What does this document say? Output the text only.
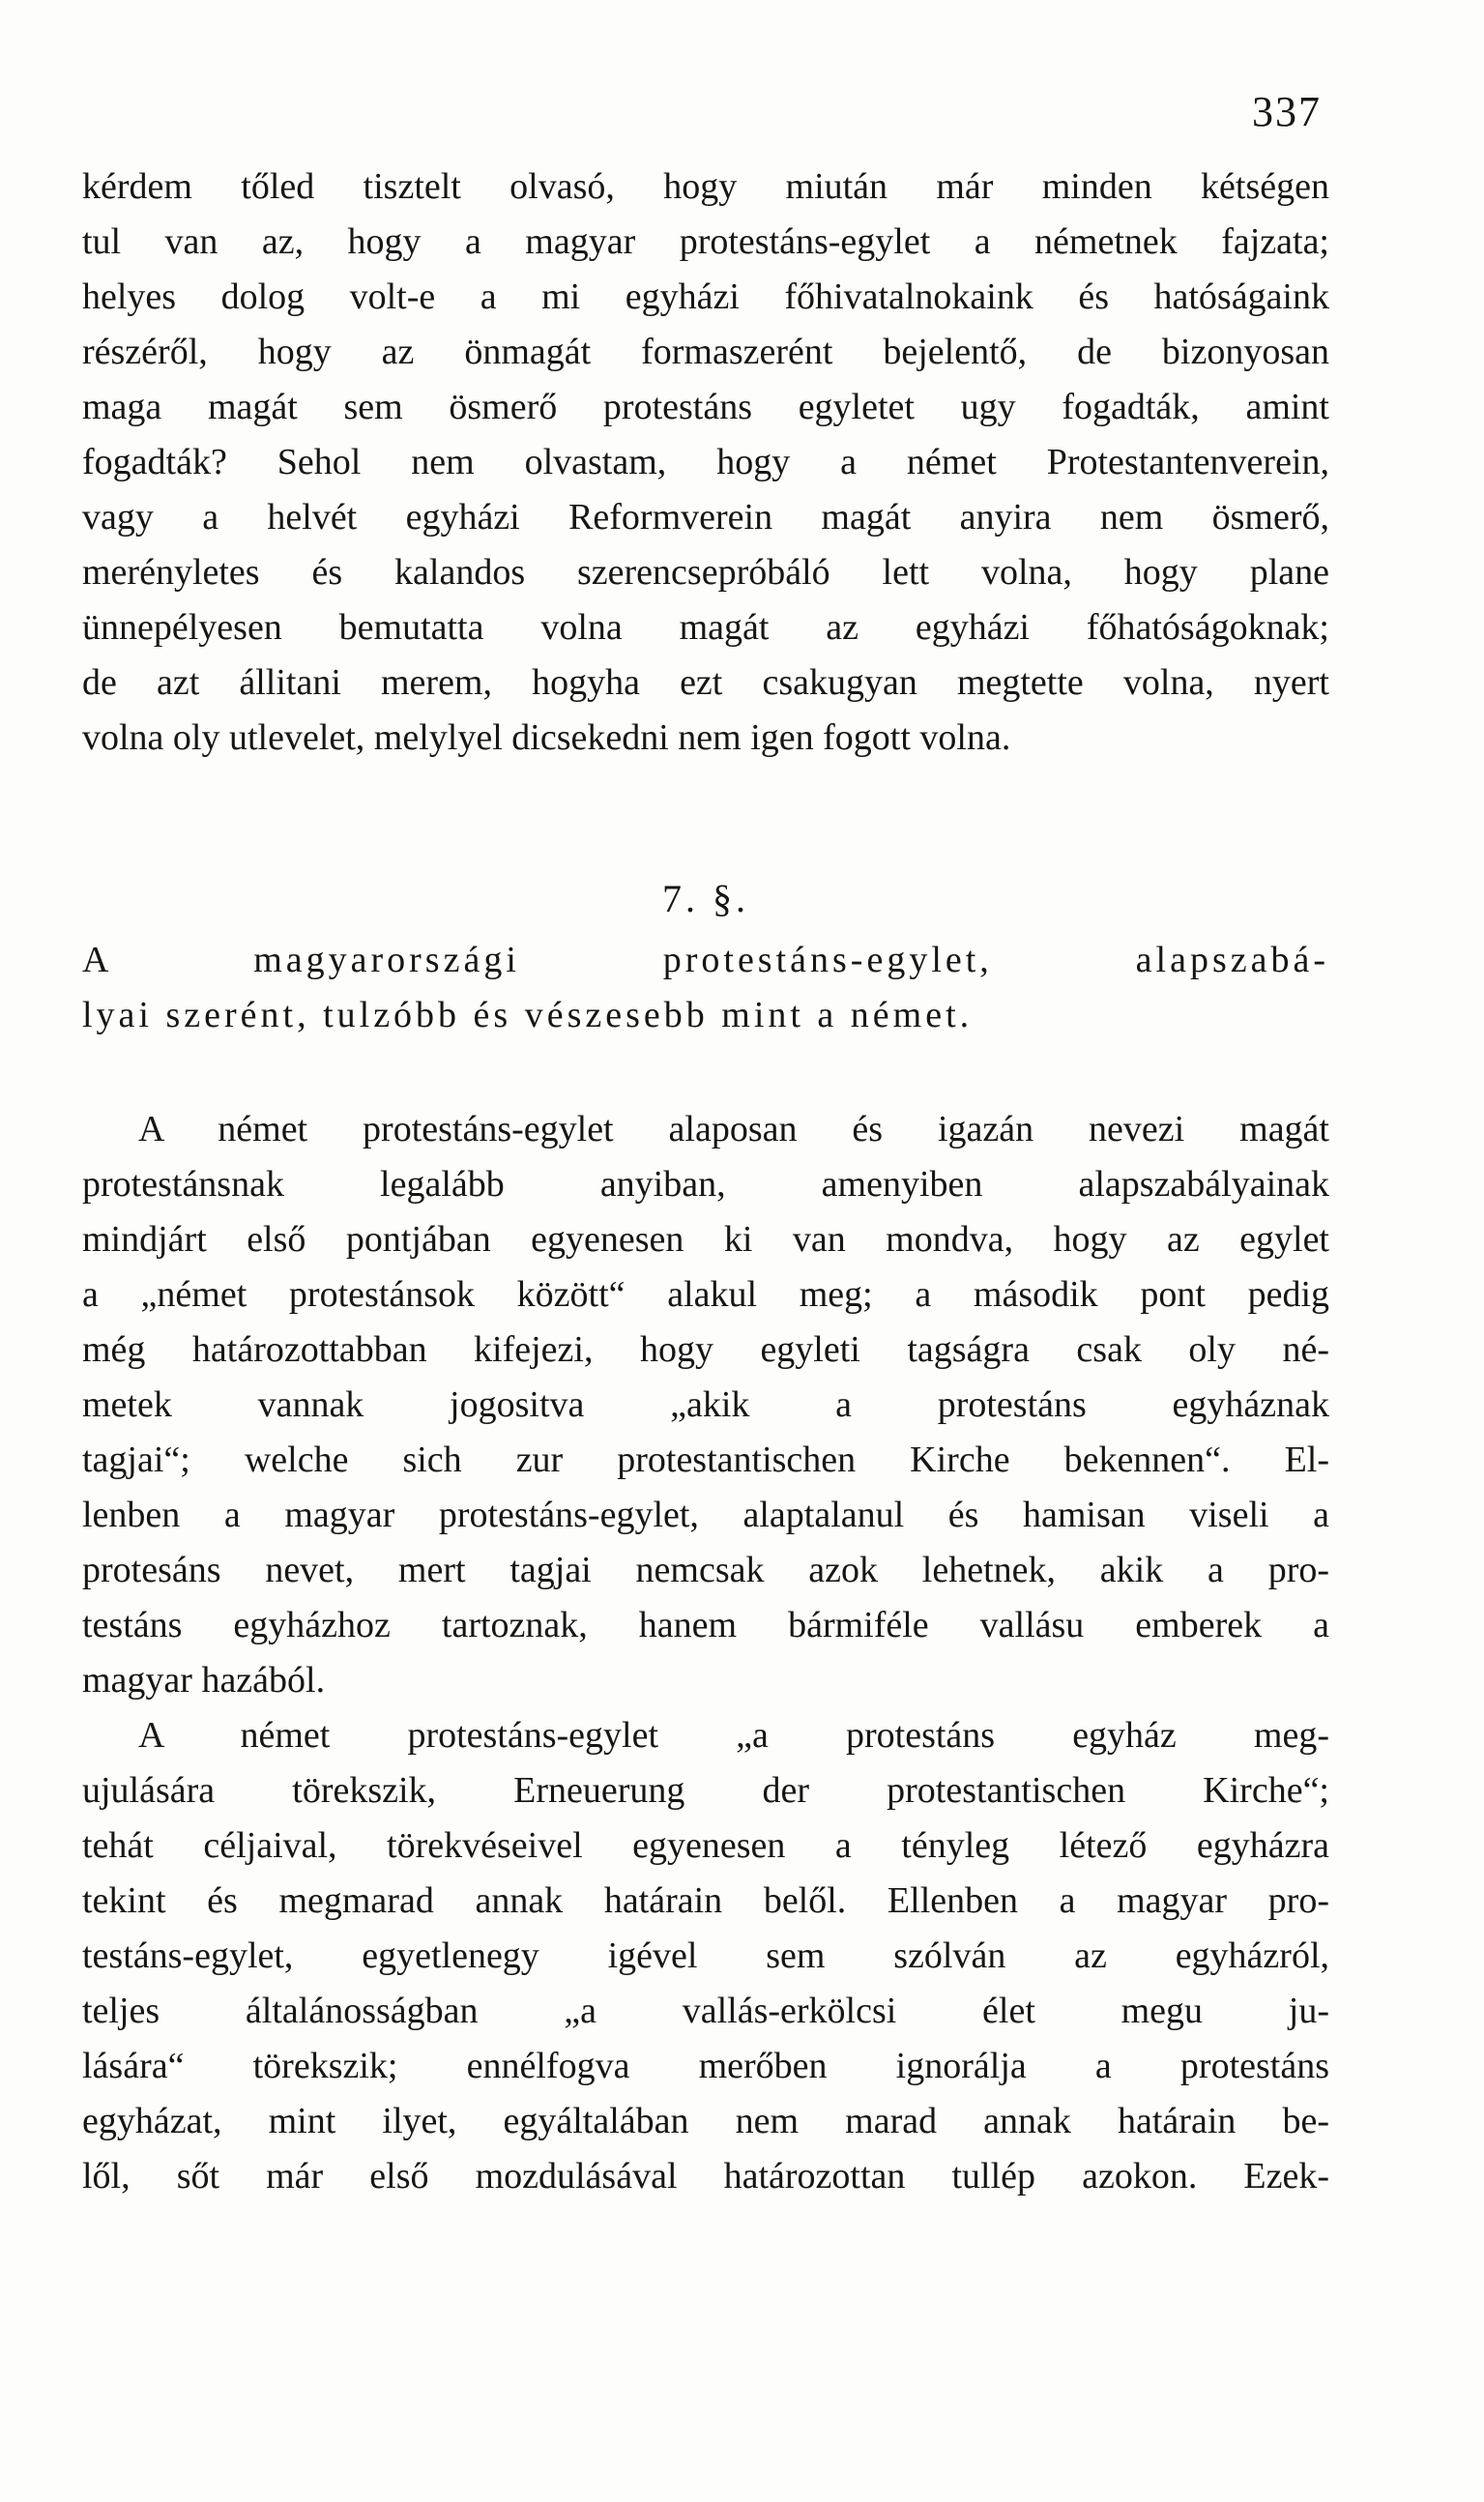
337
kérdem tőled tisztelt olvasó, hogy miután már minden kétségen
tul van az, hogy a magyar protestáns-egylet a németnek fajzata;
helyes dolog volt-e a mi egyházi főhivatalnokaink és hatóságaink
részéről, hogy az önmagát formaszerént bejelentő, de bizonyosan
maga magát sem ösmerő protestáns egyletet ugy fogadták, amint
fogadták? Sehol nem olvastam, hogy a német Protestantenverein,
vagy a helvét egyházi Reformverein magát anyira nem ösmerő,
merényletes és kalandos szerencsepróbáló lett volna, hogy plane
ünnepélyesen bemutatta volna magát az egyházi főhatóságoknak;
de azt állitani merem, hogyha ezt csakugyan megtette volna, nyert
volna oly utlevelet, melylyel dicsekedni nem igen fogott volna.
7. §.
A magyarországi protestáns-egylet, alapszabá-
lyai szerént, tulzóbb és vészesebb mint a német.
A német protestáns-egylet alaposan és igazán nevezi magát
protestánsnak legalább anyiban, amenyiben alapszabályainak
mindjárt első pontjában egyenesen ki van mondva, hogy az egylet
a „német protestánsok között“ alakul meg; a második pont pedig
még határozottabban kifejezi, hogy egyleti tagságra csak oly né-
metek vannak jogositva „akik a protestáns egyháznak
tagjai“; welche sich zur protestantischen Kirche bekennen“. El-
lenben a magyar protestáns-egylet, alaptalanul és hamisan viseli a
protesáns nevet, mert tagjai nemcsak azok lehetnek, akik a pro-
testáns egyházhoz tartoznak, hanem bármiféle vallásu emberek a
magyar hazából.
A német protestáns-egylet „a protestáns egyház meg-
ujulására törekszik, Erneuerung der protestantischen Kirche“;
tehát céljaival, törekvéseivel egyenesen a tényleg létező egyházra
tekint és megmarad annak határain belől. Ellenben a magyar pro-
testáns-egylet, egyetlenegy igével sem szólván az egyházról,
teljes általánosságban „a vallás-erkölcsi élet megu ju-
lására“ törekszik; ennélfogva merőben ignorálja a protestáns
egyházat, mint ilyet, egyáltalában nem marad annak határain be-
lől, sőt már első mozdulásával határozottan tullép azokon. Ezek-
